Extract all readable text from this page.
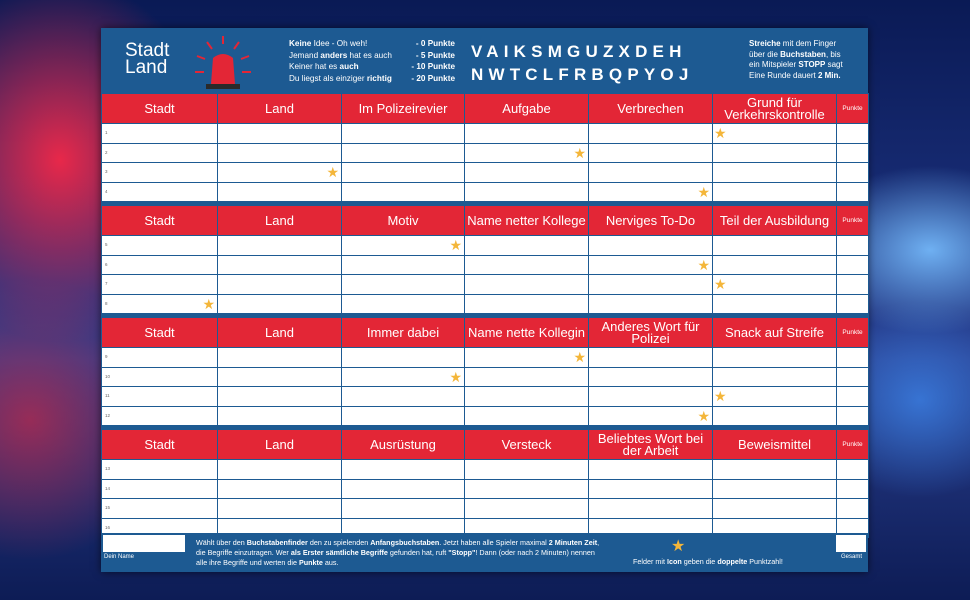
Stadt
Land
Keine Idee - Oh weh!	- 0 Punkte
Jemand anders hat es auch	- 5 Punkte
Keiner hat es auch	- 10 Punkte
Du liegst als einziger richtig - 20 Punkte
VAIKSMGUZXDEH
NWTCLFRBQPYOJ
Streiche mit dem Finger
über die Buchstaben, bis
ein Mitspieler STOPP sagt
Eine Runde dauert 2 Min.
Stadt	Land	Im Polizeirevier	Aufgabe	Verbrechen	Grund für Verkehrskontrolle	Punkte

1					★	

2			★			

3	★					

4				★		

Stadt	Land	Motiv	Name netter Kollege	Nerviges To-Do	Teil der Ausbildung	Punkte

5		★				

6				★		

7					★	

8 ★						

Stadt	Land	Immer dabei	Name nette Kollegin	Anderes Wort für Polizei	Snack auf Streife	Punkte

9			★			

10		★				

11					★	

12				★		

Stadt	Land	Ausrüstung	Versteck	Beliebtes Wort bei der Arbeit	Beweismittel	Punkte

13						

14						

15						

16						

Dein Name
Wählt über den Buchstabenfinder den zu spielenden Anfangsbuchstaben. Jetzt haben alle Spieler maximal 2 Minuten Zeit, die Begriffe einzutragen. Wer als Erster sämtliche Begriffe gefunden hat, ruft "Stopp"! Dann (oder nach 2 Minuten) nennen alle ihre Begriffe und werten die Punkte aus.
★
Felder mit Icon geben die doppelte Punktzahl!	Gesamt
